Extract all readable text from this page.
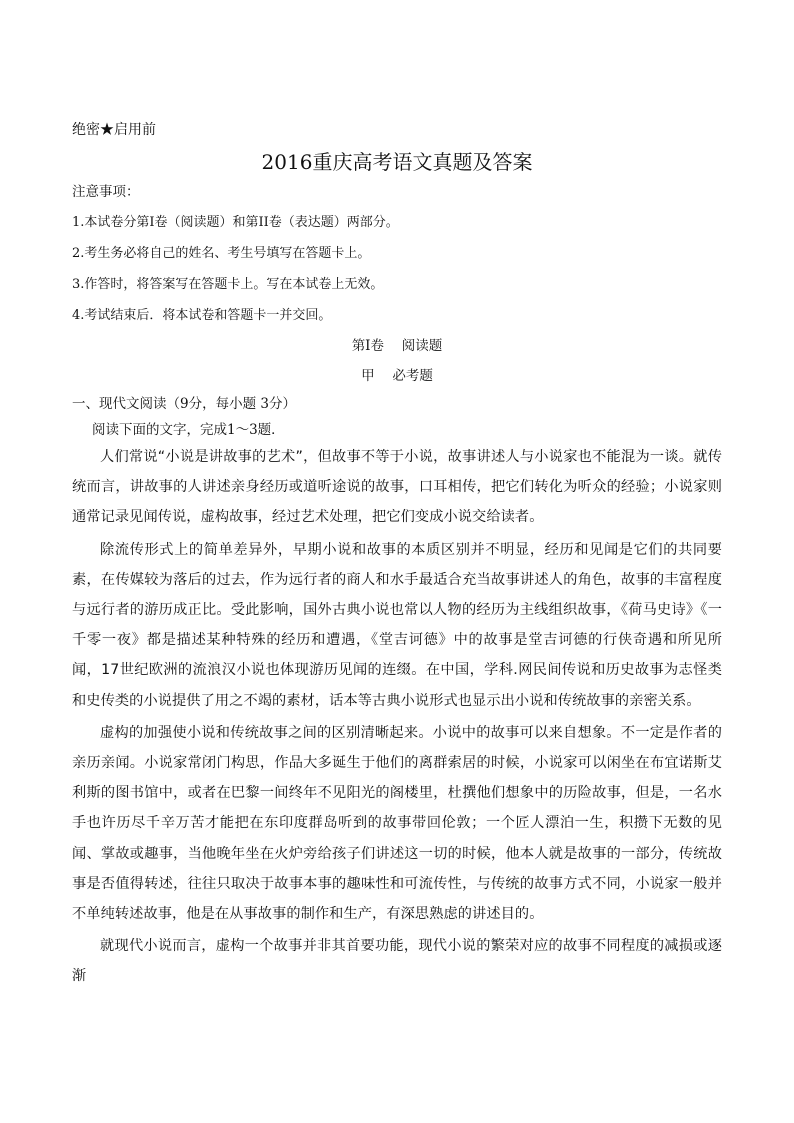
绝密★启用前
2016重庆高考语文真题及答案
注意事项：
1.本试卷分第I卷（阅读题）和第II卷（表达题）两部分。
2.考生务必将自己的姓名、考生号填写在答题卡上。
3.作答时，将答案写在答题卡上。写在本试卷上无效。
4.考试结束后．将本试卷和答题卡一并交回。
第I卷　 阅读题
甲　 必考题
一、现代文阅读（9分，每小题 3分）
阅读下面的文字，完成1～3题．

人们常说“小说是讲故事的艺术”，但故事不等于小说，故事讲述人与小说家也不能混为一谈。就传统而言，讲故事的人讲述亲身经历或道听途说的故事，口耳相传，把它们转化为听众的经验；小说家则通常记录见闻传说，虚构故事，经过艺术处理，把它们变成小说交给读者。

除流传形式上的简单差异外，早期小说和故事的本质区别并不明显，经历和见闻是它们的共同要素，在传媒较为落后的过去，作为远行者的商人和水手最适合充当故事讲述人的角色，故事的丰富程度与远行者的游历成正比。受此影响，国外古典小说也常以人物的经历为主线组织故事，《荷马史诗》《一千零一夜》都是描述某种特殊的经历和遭遇，《堂吉诃德》中的故事是堂吉诃德的行侠奇遇和所见所闻，17世纪欧洲的流浪汉小说也体现游历见闻的连缀。在中国，学科.网民间传说和历史故事为志怪类和史传类的小说提供了用之不竭的素材，话本等古典小说形式也显示出小说和传统故事的亲密关系。

虚构的加强使小说和传统故事之间的区别清晰起来。小说中的故事可以来自想象。不一定是作者的亲历亲闻。小说家常闭门构思，作品大多诞生于他们的离群索居的时候，小说家可以闲坐在布宜诺斯艾利斯的图书馆中，或者在巴黎一间终年不见阳光的阁楼里，杜撰他们想象中的历险故事，但是，一名水手也许历尽千辛万苦才能把在东印度群岛听到的故事带回伦敦；一个匠人漂泊一生，积攒下无数的见闻、掌故或趣事，当他晚年坐在火炉旁给孩子们讲述这一切的时候，他本人就是故事的一部分，传统故事是否值得转述，往往只取决于故事本事的趣味性和可流传性，与传统的故事方式不同，小说家一般并不单纯转述故事，他是在从事故事的制作和生产，有深思熟虑的讲述目的。

就现代小说而言，虚构一个故事并非其首要功能，现代小说的繁荣对应的故事不同程度的减损或逐渐
